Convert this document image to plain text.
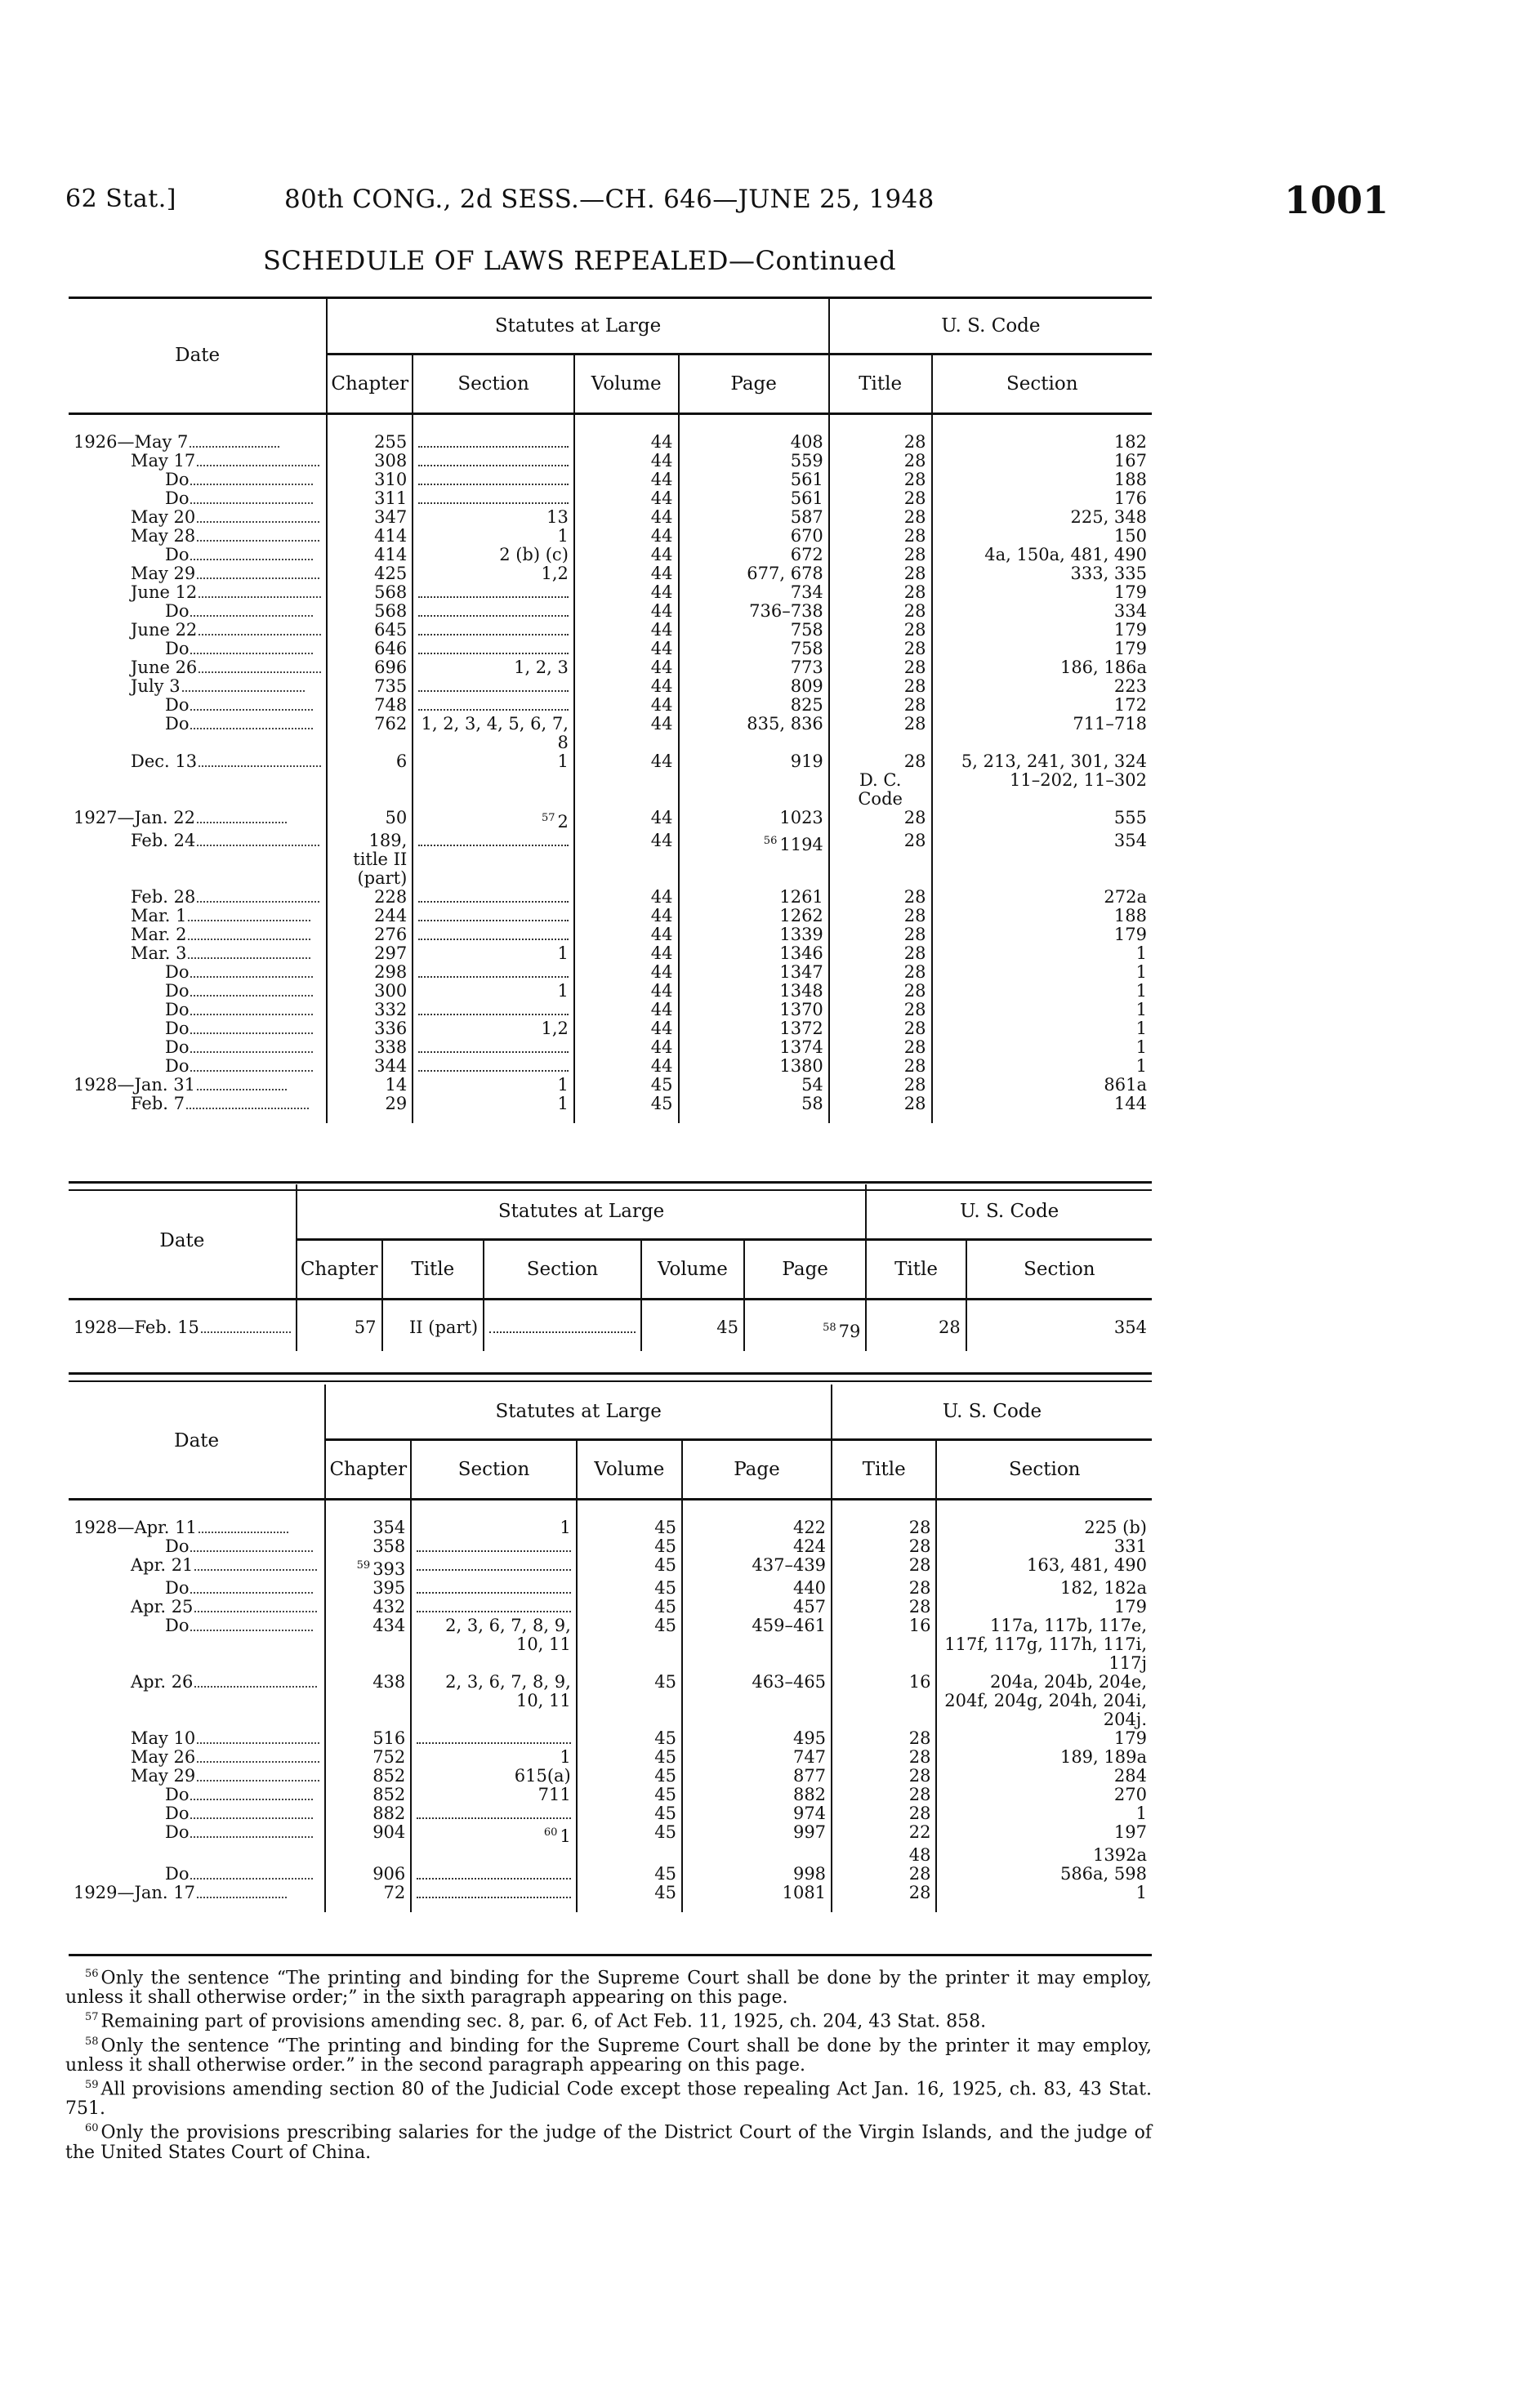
62 Stat.]	80th CONG., 2d SESS.—CH. 646—JUNE 25, 1948	1001
SCHEDULE OF LAWS REPEALED—Continued
Date	Statutes at Large				U. S. Code	
	Chapter	Section	Volume	Page	Title	Section

1926—May 7	255		44	408	28	182
May 17	308		44	559	28	167
Do	310		44	561	28	188
Do	311		44	561	28	176
May 20	347	13	44	587	28	225, 348
May 28	414	1	44	670	28	150
Do	414	2 (b) (c)	44	672	28	4a, 150a, 481, 490
May 29	425	1,2	44	677, 678	28	333, 335
June 12	568		44	734	28	179
Do	568		44	736–738	28	334
June 22	645		44	758	28	179
Do	646		44	758	28	179
June 26	696	1, 2, 3	44	773	28	186, 186a
July 3	735		44	809	28	223
Do	748		44	825	28	172
Do	762	1, 2, 3, 4, 5, 6, 7, 8	44	835, 836	28	711–718
Dec. 13	6	1	44	919	28	5, 213, 241, 301, 324
					D. C. Code	11–202, 11–302
1927—Jan. 22	50	$^{57}$ 2	44	1023	28	555
Feb. 24	189, title II (part)		44	$^{56}$ 1194	28	354
Feb. 28	228		44	1261	28	272a
Mar. 1	244		44	1262	28	188
Mar. 2	276		44	1339	28	179
Mar. 3	297	1	44	1346	28	1
Do	298		44	1347	28	1
Do	300	1	44	1348	28	1
Do	332		44	1370	28	1
Do	336	1,2	44	1372	28	1
Do	338		44	1374	28	1
Do	344		44	1380	28	1
1928—Jan. 31	14	1	45	54	28	861a
Feb. 7	29	1	45	58	28	144

Date	Statutes at Large					U. S. Code	
	Chapter	Title	Section	Volume	Page	Title	Section

1928—Feb. 15	57	II (part)		45	$^{58}$ 79	28	354

Date	Statutes at Large				U. S. Code	
	Chapter	Section	Volume	Page	Title	Section

1928—Apr. 11	354	1	45	422	28	225 (b)
Do	358		45	424	28	331
Apr. 21	$^{59}$ 393		45	437–439	28	163, 481, 490
Do	395		45	440	28	182, 182a
Apr. 25	432		45	457	28	179
Do	434	2, 3, 6, 7, 8, 9, 10, 11	45	459–461	16	117a, 117b, 117e, 117f, 117g, 117h, 117i, 117j
Apr. 26	438	2, 3, 6, 7, 8, 9, 10, 11	45	463–465	16	204a, 204b, 204e, 204f, 204g, 204h, 204i, 204j.
May 10	516		45	495	28	179
May 26	752	1	45	747	28	189, 189a
May 29	852	615(a)	45	877	28	284
Do	852	711	45	882	28	270
Do	882		45	974	28	1
Do	904	$^{60}$ 1	45	997	22	197
					48	1392a
Do	906		45	998	28	586a, 598
1929—Jan. 17	72		45	1081	28	1

$^{56}$ Only the sentence “The printing and binding for the Supreme Court shall be done by the printer it may employ, unless it shall otherwise order;” in the sixth paragraph appearing on this page.

$^{57}$ Remaining part of provisions amending sec. 8, par. 6, of Act Feb. 11, 1925, ch. 204, 43 Stat. 858.

$^{58}$ Only the sentence “The printing and binding for the Supreme Court shall be done by the printer it may employ, unless it shall otherwise order.” in the second paragraph appearing on this page.

$^{59}$ All provisions amending section 80 of the Judicial Code except those repealing Act Jan. 16, 1925, ch. 83, 43 Stat. 751.

$^{60}$ Only the provisions prescribing salaries for the judge of the District Court of the Virgin Islands, and the judge of the United States Court of China.
